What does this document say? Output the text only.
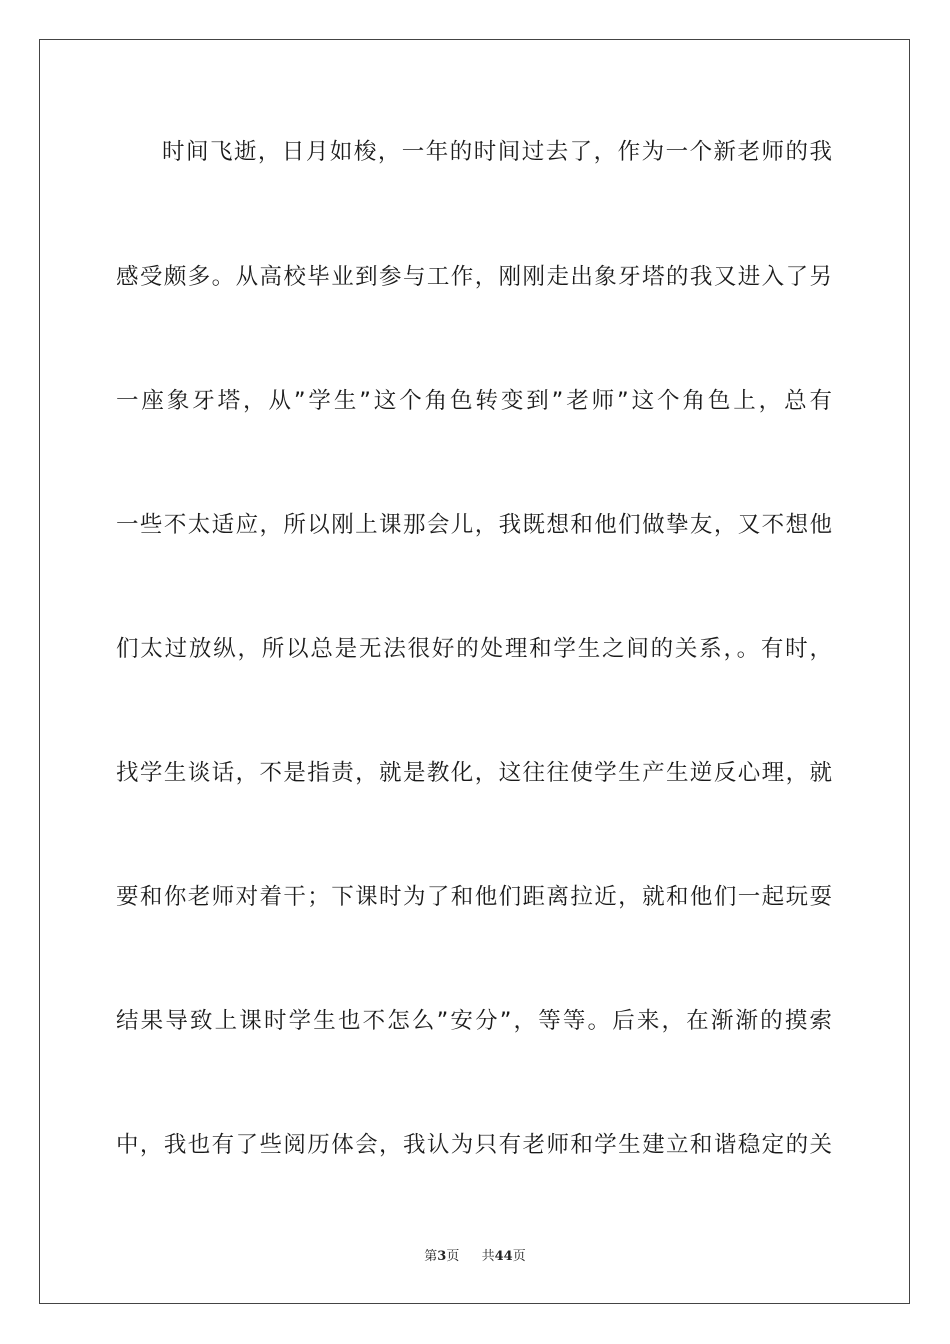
时间飞逝，日月如梭，一年的时间过去了，作为一个新老师的我
感受颇多。从高校毕业到参与工作，刚刚走出象牙塔的我又进入了另
一座象牙塔，从”学生”这个角色转变到”老师”这个角色上，总有
一些不太适应，所以刚上课那会儿，我既想和他们做挚友，又不想他
们太过放纵，所以总是无法很好的处理和学生之间的关系，。有时，
找学生谈话，不是指责，就是教化，这往往使学生产生逆反心理，就
要和你老师对着干；下课时为了和他们距离拉近，就和他们一起玩耍
结果导致上课时学生也不怎么”安分”，等等。后来，在渐渐的摸索
中，我也有了些阅历体会，我认为只有老师和学生建立和谐稳定的关
第3页 共44页
